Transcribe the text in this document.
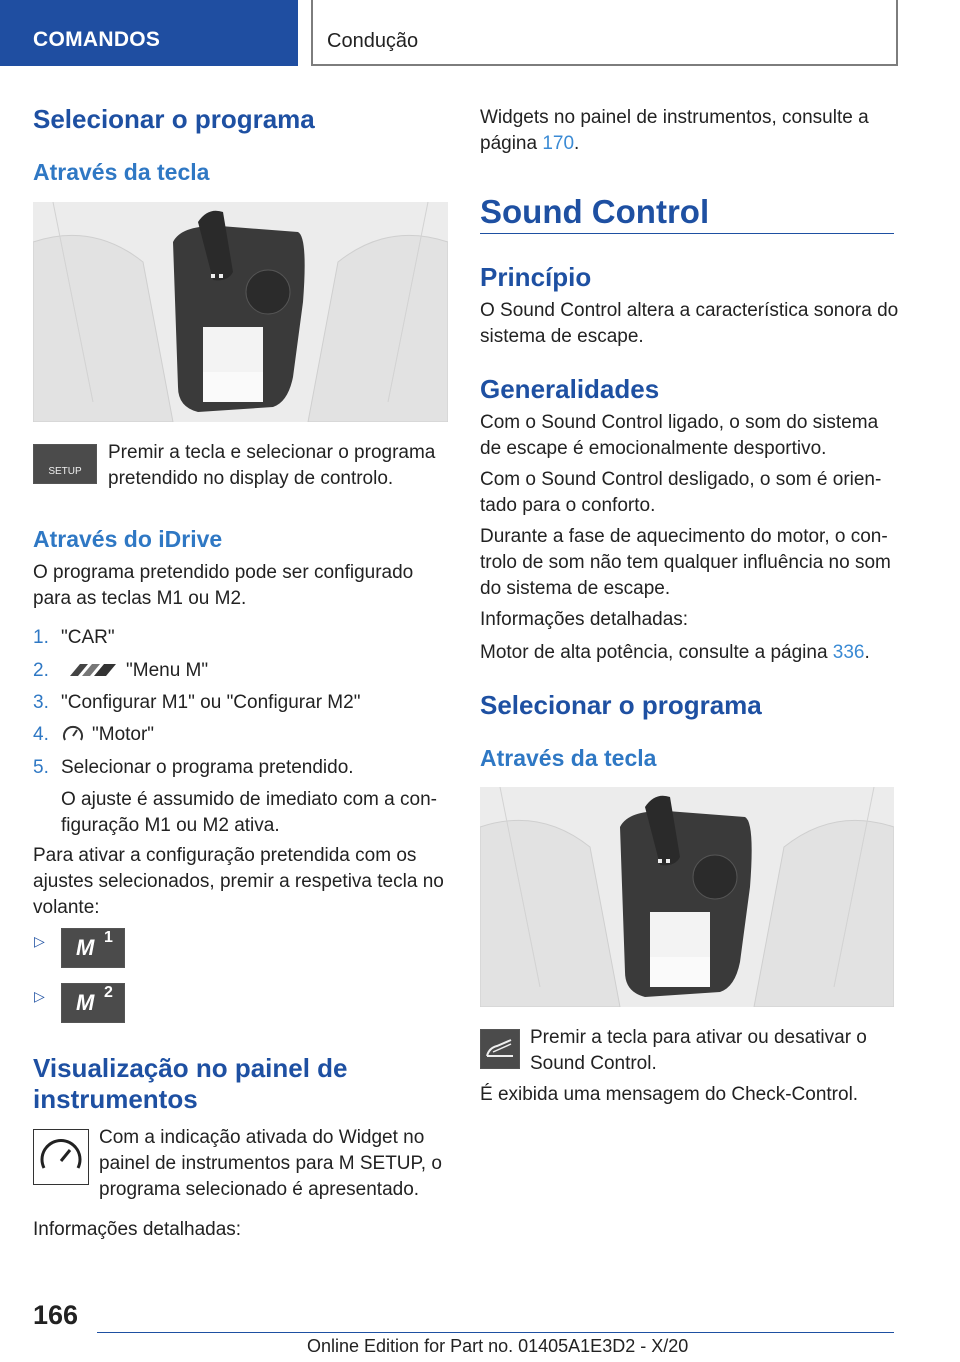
COMANDOS	Condução
Selecionar o programa
Através da tecla
SETUP
Premir a tecla e selecionar o programa
pretendido no display de controlo.
Através do iDrive
O programa pretendido pode ser configurado
para as teclas M1 ou M2.
1. "CAR"
2.	"Menu M"
3. "Configurar M1" ou "Configurar M2"
4. "Motor"
5. Selecionar o programa pretendido.
O ajuste é assumido de imediato com a con‐
figuração M1 ou M2 ativa.
Para ativar a configuração pretendida com os
ajustes selecionados, premir a respetiva tecla no
volante:
▷ M 1
▷ M 2
Visualização no painel de
instrumentos
Com a indicação ativada do Widget no
painel de instrumentos para M SETUP, o
programa selecionado é apresentado.
Informações detalhadas:
Widgets no painel de instrumentos, consulte a
página 170.
Sound Control
Princípio
O Sound Control altera a característica sonora do
sistema de escape.
Generalidades
Com o Sound Control ligado, o som do sistema
de escape é emocionalmente desportivo.
Com o Sound Control desligado, o som é orien‐
tado para o conforto.
Durante a fase de aquecimento do motor, o con‐
trolo de som não tem qualquer influência no som
do sistema de escape.
Informações detalhadas:
Motor de alta potência, consulte a página 336.
Selecionar o programa
Através da tecla
Premir a tecla para ativar ou desativar o
Sound Control.
É exibida uma mensagem do Check-Control.
166
Online Edition for Part no. 01405A1E3D2 - X/20
